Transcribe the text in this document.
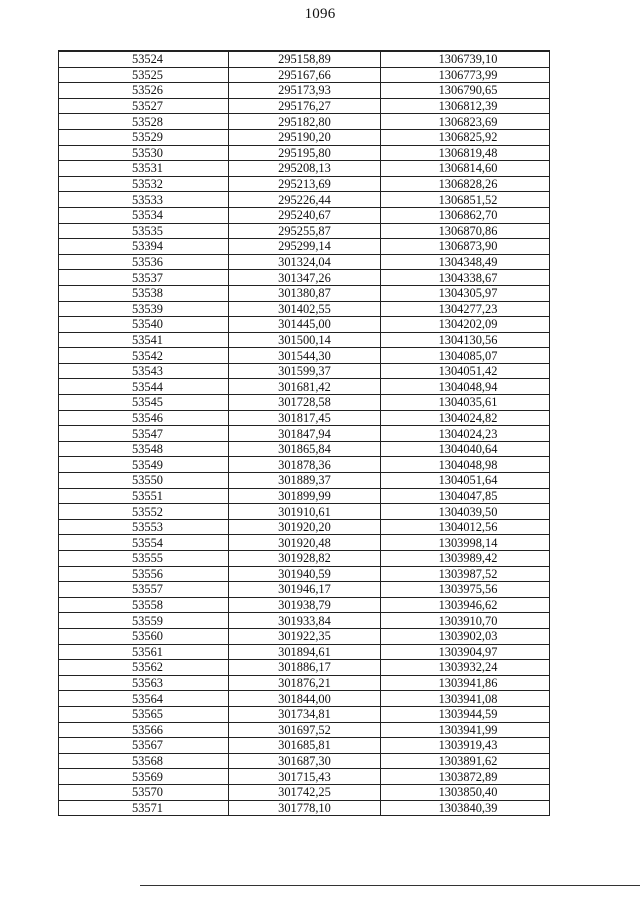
1096
53524	295158,89	1306739,10
53525	295167,66	1306773,99
53526	295173,93	1306790,65
53527	295176,27	1306812,39
53528	295182,80	1306823,69
53529	295190,20	1306825,92
53530	295195,80	1306819,48
53531	295208,13	1306814,60
53532	295213,69	1306828,26
53533	295226,44	1306851,52
53534	295240,67	1306862,70
53535	295255,87	1306870,86
53394	295299,14	1306873,90
53536	301324,04	1304348,49
53537	301347,26	1304338,67
53538	301380,87	1304305,97
53539	301402,55	1304277,23
53540	301445,00	1304202,09
53541	301500,14	1304130,56
53542	301544,30	1304085,07
53543	301599,37	1304051,42
53544	301681,42	1304048,94
53545	301728,58	1304035,61
53546	301817,45	1304024,82
53547	301847,94	1304024,23
53548	301865,84	1304040,64
53549	301878,36	1304048,98
53550	301889,37	1304051,64
53551	301899,99	1304047,85
53552	301910,61	1304039,50
53553	301920,20	1304012,56
53554	301920,48	1303998,14
53555	301928,82	1303989,42
53556	301940,59	1303987,52
53557	301946,17	1303975,56
53558	301938,79	1303946,62
53559	301933,84	1303910,70
53560	301922,35	1303902,03
53561	301894,61	1303904,97
53562	301886,17	1303932,24
53563	301876,21	1303941,86
53564	301844,00	1303941,08
53565	301734,81	1303944,59
53566	301697,52	1303941,99
53567	301685,81	1303919,43
53568	301687,30	1303891,62
53569	301715,43	1303872,89
53570	301742,25	1303850,40
53571	301778,10	1303840,39
